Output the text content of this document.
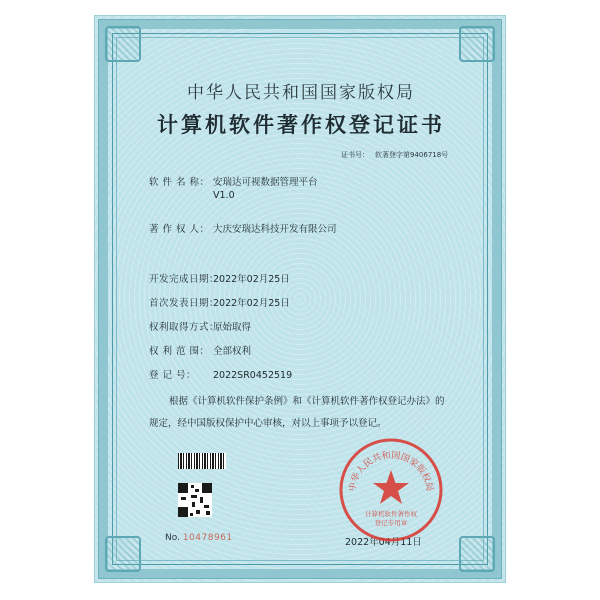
中华人民共和国国家版权局
计算机软件著作权登记证书
证书号： 软著登字第9406718号
软 件 名 称： 安瑞达可视数据管理平台
V1.0
著 作 权 人： 大庆安瑞达科技开发有限公司
开发完成日期：2022年02月25日
首次发表日期：2022年02月25日
权利取得方式：原始取得
权 利 范 围： 全部权利
登 记 号： 2022SR0452519

根据《计算机软件保护条例》和《计算机软件著作权登记办法》的

规定，经中国版权保护中心审核，对以上事项予以登记。

No. 10478961	2022年04月11日
中华人民共和国国家版权局
计算机软件著作权
登记专用章
